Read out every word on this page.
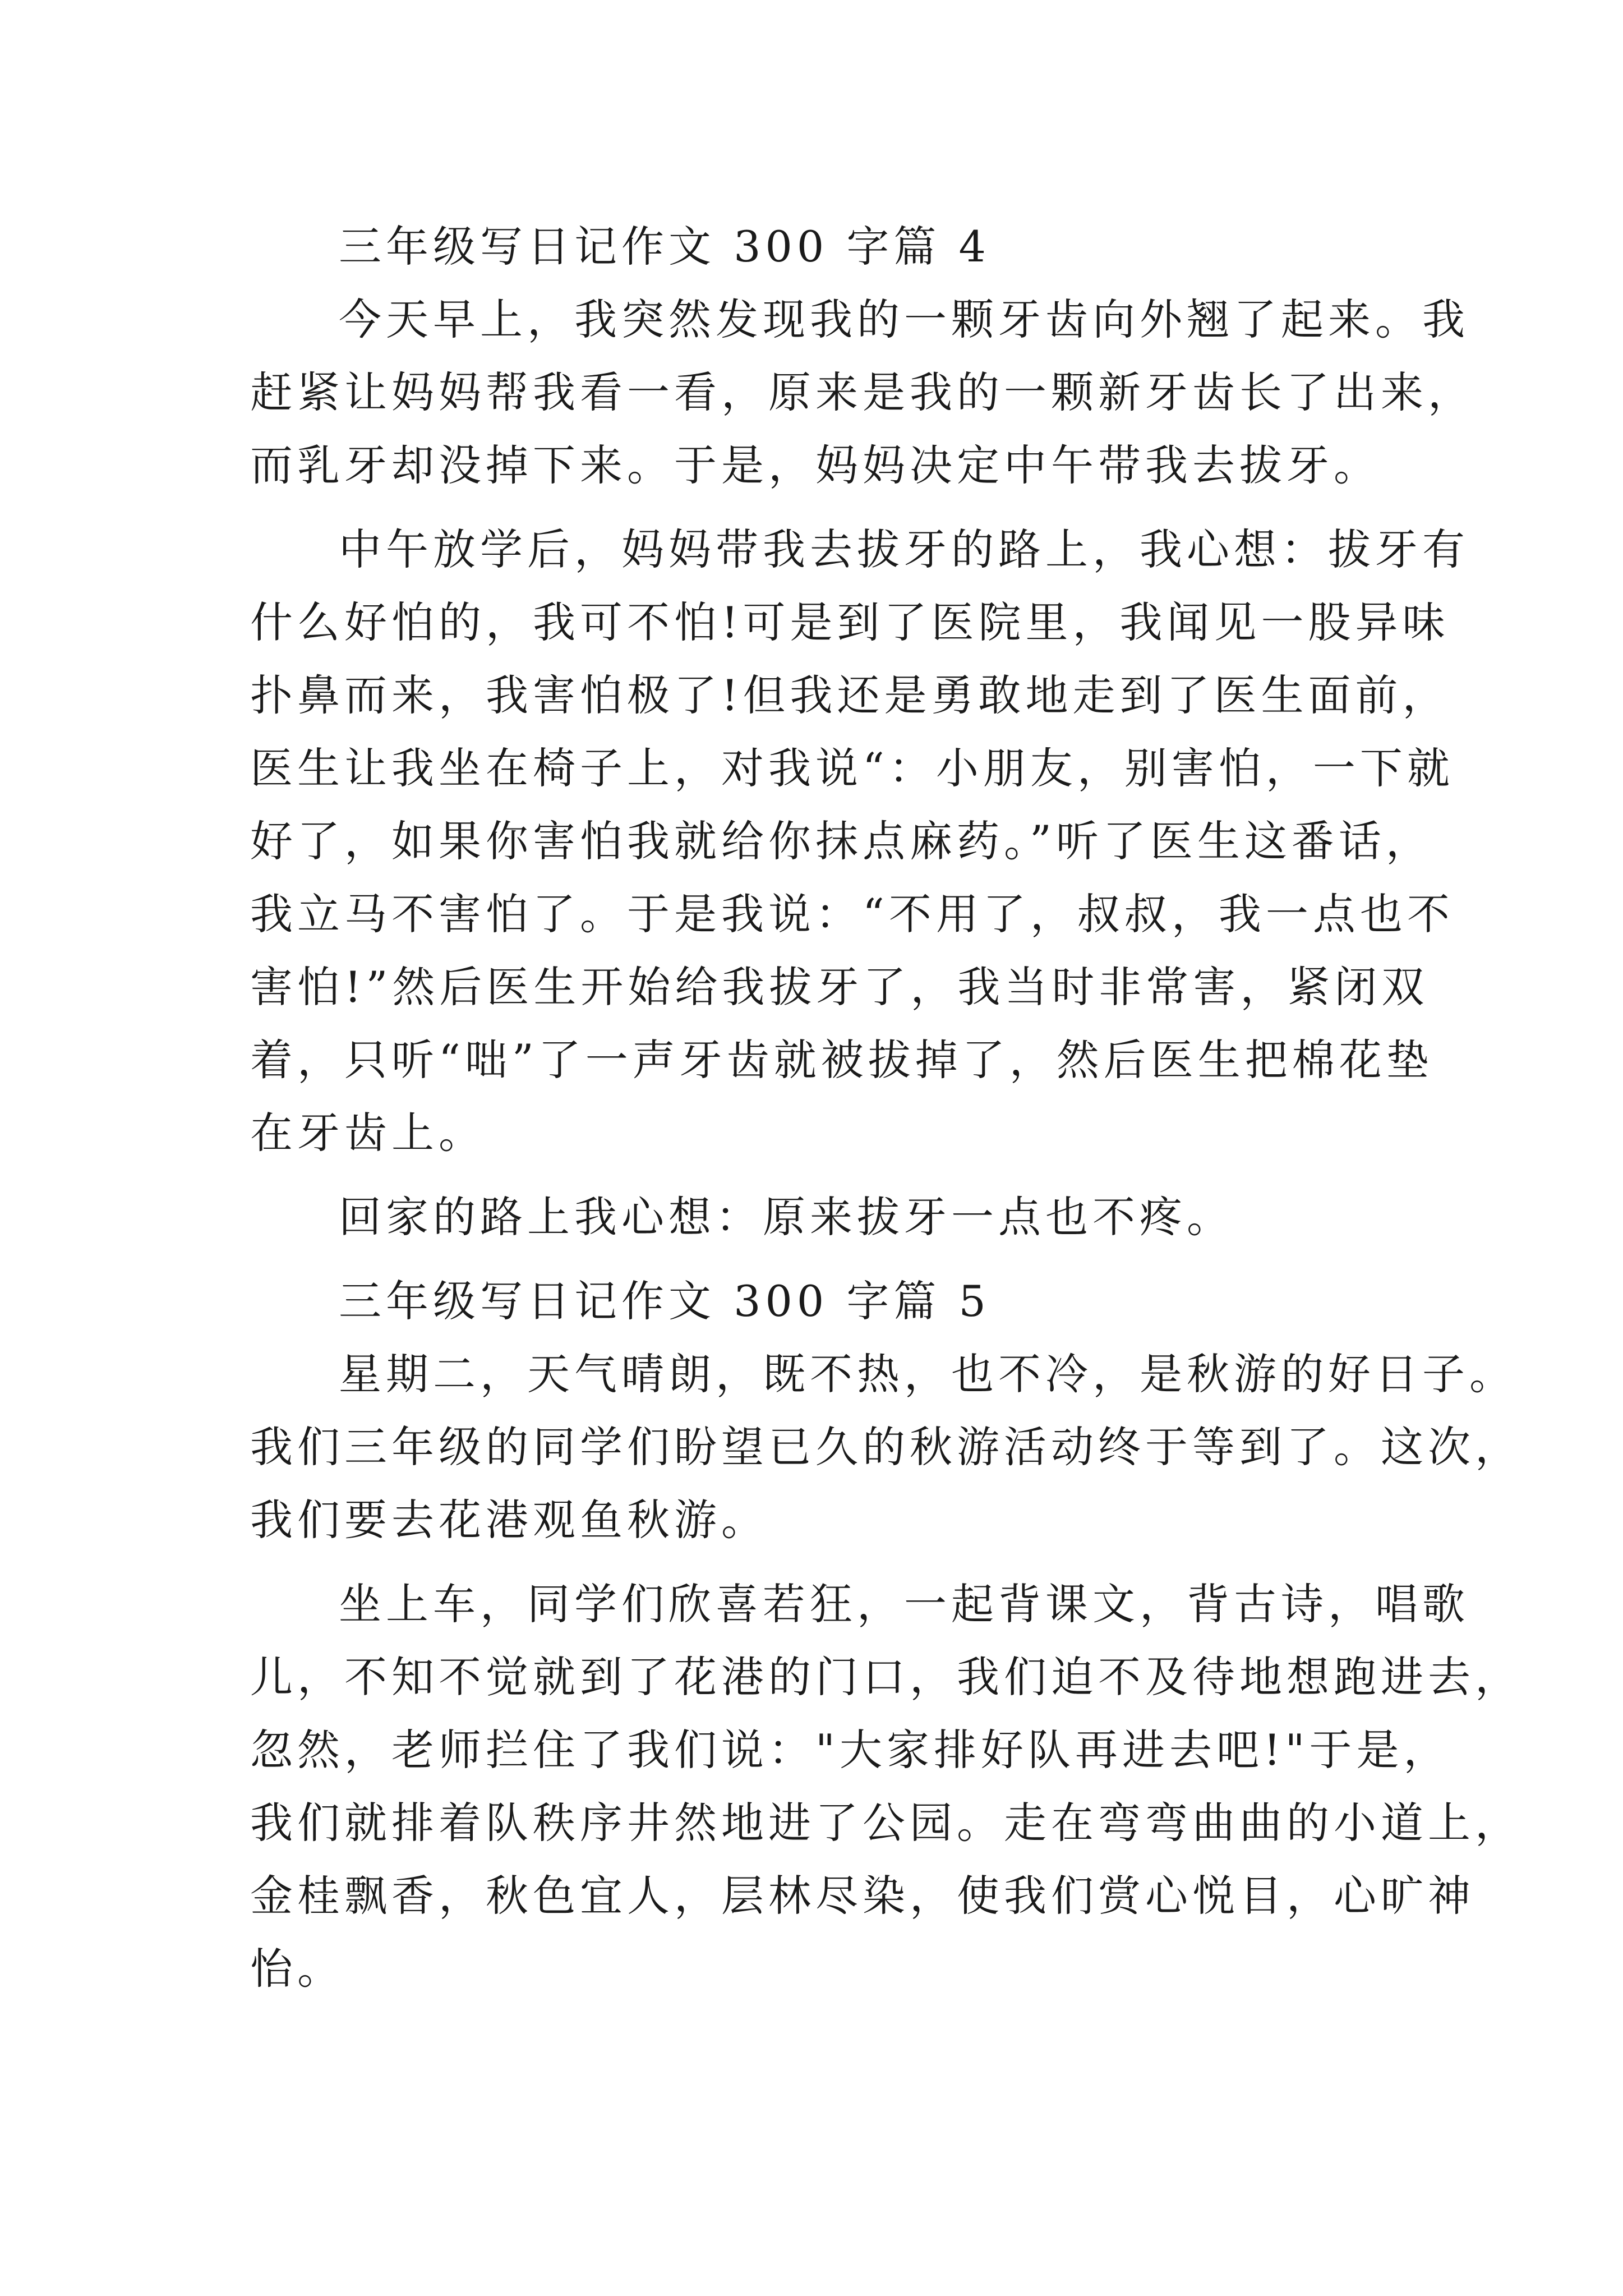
三年级写日记作文 300 字篇 4
今天早上，我突然发现我的一颗牙齿向外翘了起来。我
赶紧让妈妈帮我看一看，原来是我的一颗新牙齿长了出来，
而乳牙却没掉下来。于是，妈妈决定中午带我去拔牙。
中午放学后，妈妈带我去拔牙的路上，我心想：拔牙有
什么好怕的，我可不怕!可是到了医院里，我闻见一股异味
扑鼻而来，我害怕极了!但我还是勇敢地走到了医生面前，
医生让我坐在椅子上，对我说“：小朋友，别害怕，一下就
好了，如果你害怕我就给你抹点麻药。”听了医生这番话，
我立马不害怕了。于是我说：“不用了，叔叔，我一点也不
害怕!”然后医生开始给我拔牙了，我当时非常害，紧闭双
着，只听“咄”了一声牙齿就被拔掉了，然后医生把棉花垫
在牙齿上。
回家的路上我心想：原来拔牙一点也不疼。
三年级写日记作文 300 字篇 5
星期二，天气晴朗，既不热，也不冷，是秋游的好日子。
我们三年级的同学们盼望已久的秋游活动终于等到了。这次，
我们要去花港观鱼秋游。
坐上车，同学们欣喜若狂，一起背课文，背古诗，唱歌
儿，不知不觉就到了花港的门口，我们迫不及待地想跑进去，
忽然，老师拦住了我们说："大家排好队再进去吧!"于是，
我们就排着队秩序井然地进了公园。走在弯弯曲曲的小道上，
金桂飘香，秋色宜人，层林尽染，使我们赏心悦目，心旷神
怡。
